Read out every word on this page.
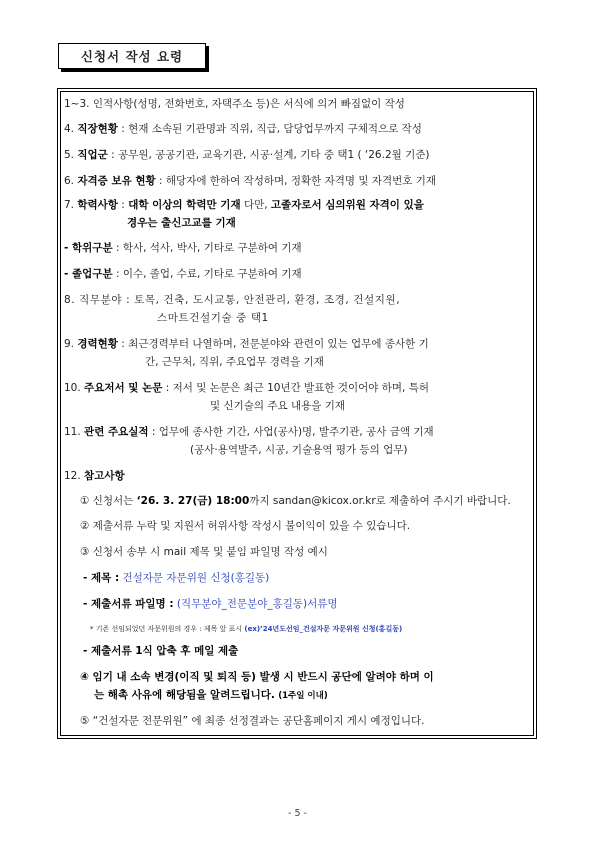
신청서 작성 요령
1~3. 인적사항(성명, 전화번호, 자택주소 등)은 서식에 의거 빠짐없이 작성
4. 직장현황 : 현재 소속된 기관명과 직위, 직급, 담당업무까지 구체적으로 작성
5. 직업군 : 공무원, 공공기관, 교육기관, 시공·설계, 기타 중 택1 ( ‘26.2월 기준)
6. 자격증 보유 현황 : 해당자에 한하여 작성하며, 정확한 자격명 및 자격번호 기재
7. 학력사항 : 대학 이상의 학력만 기재 다만, 고졸자로서 심의위원 자격이 있을
경우는 출신고교를 기재
- 학위구분 : 학사, 석사, 박사, 기타로 구분하여 기재
- 졸업구분 : 이수, 졸업, 수료, 기타로 구분하여 기재
8. 직무분야 : 토목, 건축, 도시교통, 안전관리, 환경, 조경, 건설지원,
스마트건설기술 중 택1
9. 경력현황 : 최근경력부터 나열하며, 전문분야와 관련이 있는 업무에 종사한 기
간, 근무처, 직위, 주요업무 경력을 기재
10. 주요저서 및 논문 : 저서 및 논문은 최근 10년간 발표한 것이어야 하며, 특허
및 신기술의 주요 내용을 기재
11. 관련 주요실적 : 업무에 종사한 기간, 사업(공사)명, 발주기관, 공사 금액 기재
(공사·용역발주, 시공, 기술용역 평가 등의 업무)
12. 참고사항
① 신청서는 ‘26. 3. 27(금) 18:00까지 sandan@kicox.or.kr로 제출하여 주시기 바랍니다.
② 제출서류 누락 및 지원서 허위사항 작성시 불이익이 있을 수 있습니다.
③ 신청서 송부 시 mail 제목 및 붙임 파일명 작성 예시
- 제목 : 건설자문 자문위원 신청(홍길동)
- 제출서류 파일명 : (직무분야_전문분야_홍길동)서류명
* 기존 선임되었던 자문위원의 경우 : 제목 앞 표시 (ex)’24년도선임_건설자문 자문위원 신청(홍길동)
- 제출서류 1식 압축 후 메일 제출
④ 임기 내 소속 변경(이직 및 퇴직 등) 발생 시 반드시 공단에 알려야 하며 이
는 해촉 사유에 해당됨을 알려드립니다. (1주일 이내)
⑤ “건설자문 전문위원” 에 최종 선정결과는 공단홈페이지 게시 예정입니다.
- 5 -
